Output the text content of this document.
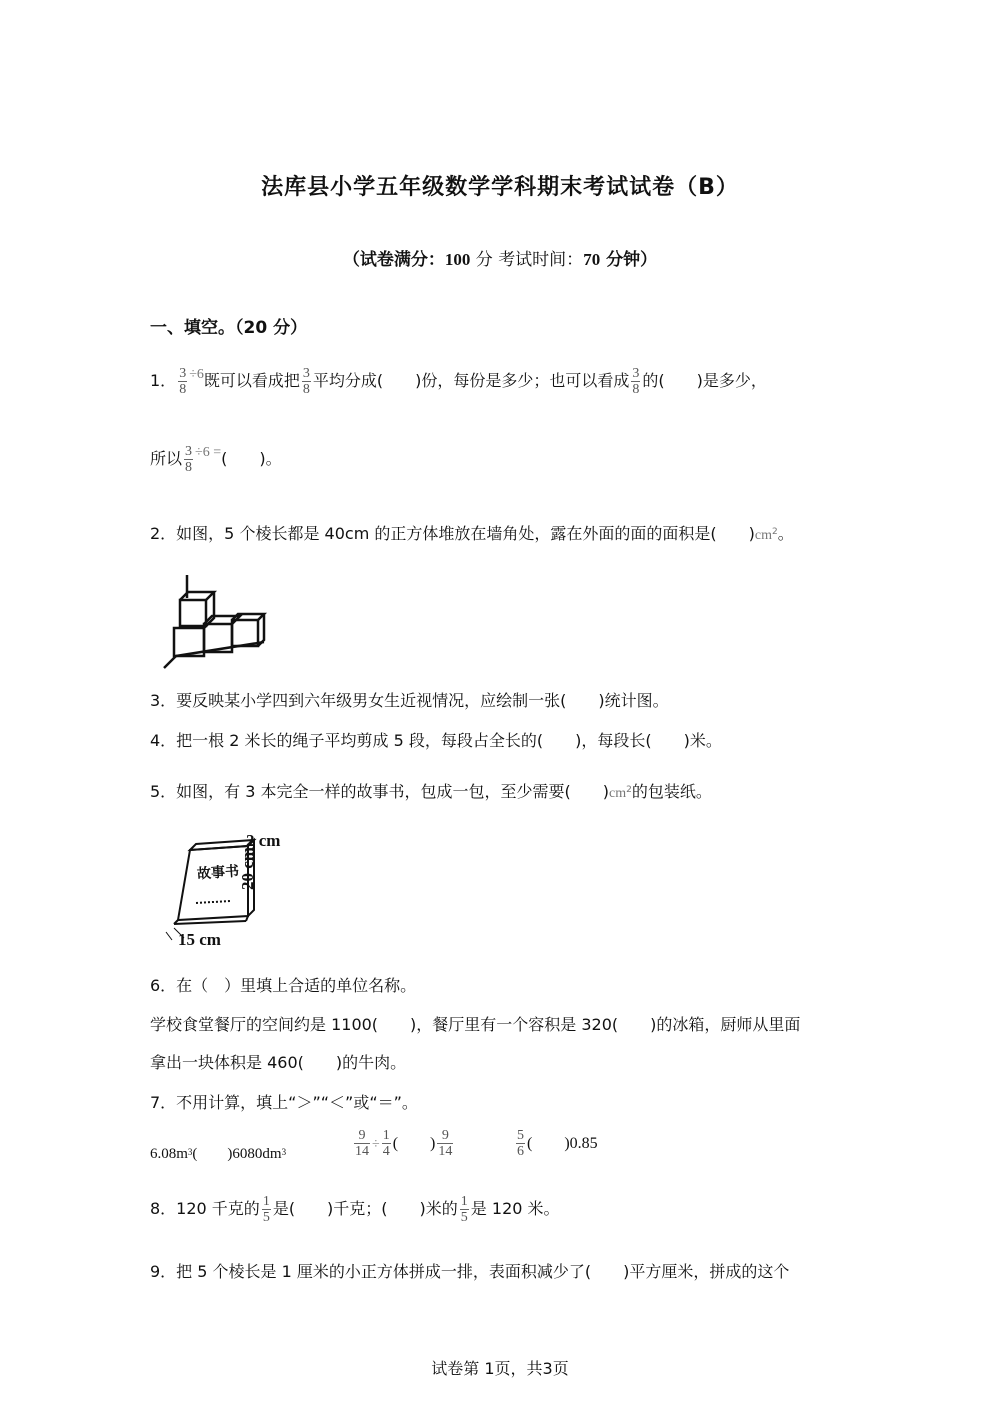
法库县小学五年级数学学科期末考试试卷（B）
（试卷满分：100 分 考试时间：70 分钟）
一、填空。（20 分）
1． $\frac{3}{8} \div 6$既可以看成把 $\frac{3}{8}$ 平均分成(　　)份，每份是多少；也可以看成 $\frac{3}{8}$ 的(　　)是多少，
所以 $\frac{3}{8} \div 6$ =(　　)。
2．如图，5 个棱长都是 40cm 的正方体堆放在墙角处，露在外面的面的面积是(　　)$cm^2$。
3．要反映某小学四到六年级男女生近视情况，应绘制一张(　　)统计图。
4．把一根 2 米长的绳子平均剪成 5 段，每段占全长的(　　)，每段长(　　)米。
5．如图，有 3 本完全一样的故事书，包成一包，至少需要(　　)$cm^2$的包装纸。
故事书
2 cm
20 cm
15 cm
6．在（　）里填上合适的单位名称。
学校食堂餐厅的空间约是 1100(　　)，餐厅里有一个容积是 320(　　)的冰箱，厨师从里面
拿出一块体积是 460(　　)的牛肉。
7．不用计算，填上“＞”“＜”或“＝”。
$6.08m^3$(　　)$6080dm^3$	$\frac{9}{14} \div \frac{1}{4}$ (　　) $\frac{9}{14}$	$\frac{5}{6}$ (　　)0.85
8．120 千克的 $\frac{1}{5}$ 是(　　)千克；(　　)米的 $\frac{1}{5}$ 是 120 米。
9．把 5 个棱长是 1 厘米的小正方体拼成一排，表面积减少了(　　)平方厘米，拼成的这个
试卷第 1页，共3页
